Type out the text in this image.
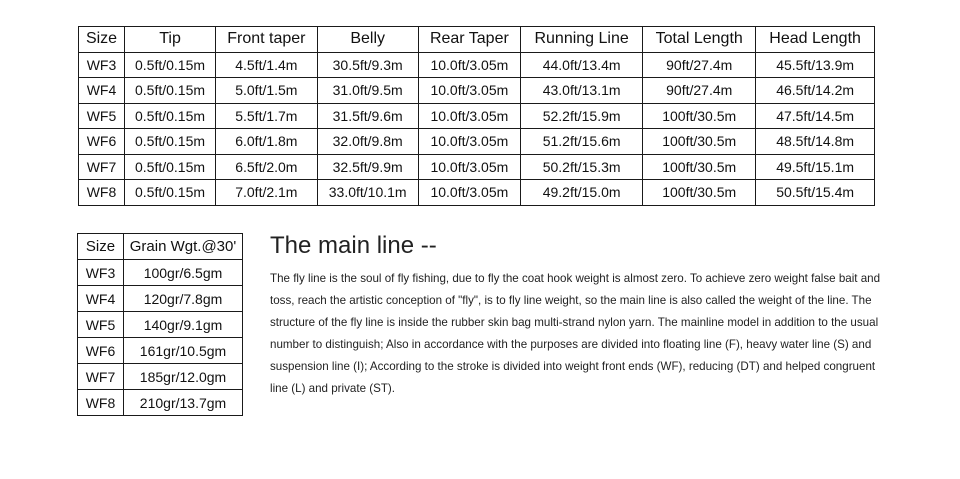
Size	Tip	Front taper	Belly	Rear Taper	Running Line	Total Length	Head Length
WF3	0.5ft/0.15m	4.5ft/1.4m	30.5ft/9.3m	10.0ft/3.05m	44.0ft/13.4m	90ft/27.4m	45.5ft/13.9m
WF4	0.5ft/0.15m	5.0ft/1.5m	31.0ft/9.5m	10.0ft/3.05m	43.0ft/13.1m	90ft/27.4m	46.5ft/14.2m
WF5	0.5ft/0.15m	5.5ft/1.7m	31.5ft/9.6m	10.0ft/3.05m	52.2ft/15.9m	100ft/30.5m	47.5ft/14.5m
WF6	0.5ft/0.15m	6.0ft/1.8m	32.0ft/9.8m	10.0ft/3.05m	51.2ft/15.6m	100ft/30.5m	48.5ft/14.8m
WF7	0.5ft/0.15m	6.5ft/2.0m	32.5ft/9.9m	10.0ft/3.05m	50.2ft/15.3m	100ft/30.5m	49.5ft/15.1m
WF8	0.5ft/0.15m	7.0ft/2.1m	33.0ft/10.1m	10.0ft/3.05m	49.2ft/15.0m	100ft/30.5m	50.5ft/15.4m
Size	Grain Wgt.@30'
WF3	100gr/6.5gm
WF4	120gr/7.8gm
WF5	140gr/9.1gm
WF6	161gr/10.5gm
WF7	185gr/12.0gm
WF8	210gr/13.7gm
The main line --

The fly line is the soul of fly fishing, due to fly the coat hook weight is almost zero. To achieve zero weight false bait and toss, reach the artistic conception of "fly", is to fly line weight, so the main line is also called the weight of the line. The structure of the fly line is inside the rubber skin bag multi-strand nylon yarn. The mainline model in addition to the usual number to distinguish; Also in accordance with the purposes are divided into floating line (F), heavy water line (S) and suspension line (I); According to the stroke is divided into weight front ends (WF), reducing (DT) and helped congruent line (L) and private (ST).
